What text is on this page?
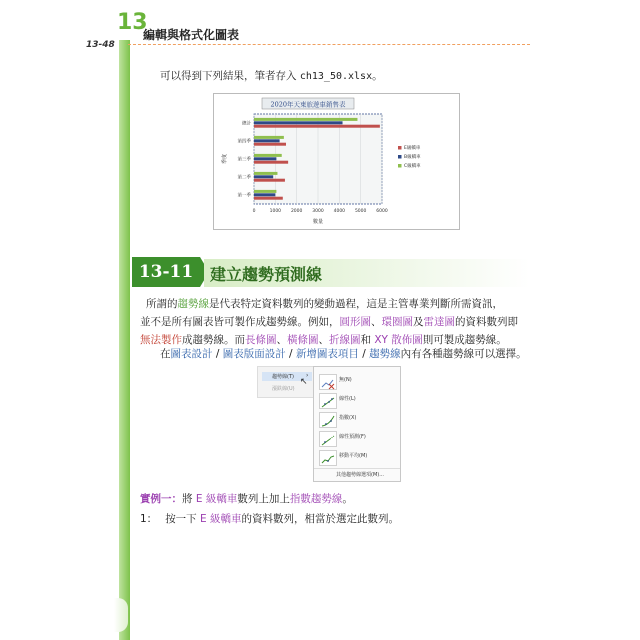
13
編輯與格式化圖表
13-48
可以得到下列結果，筆者存入 ch13_50.xlsx。
0	1000 2000 3000 4000 5000 6000
2020年天東旅遊車銷售表
第一季
第二季
第三季
第四季
總計
數量
季度
E級轎車
B級轎車
C級轎車
13-11	建立趨勢預測線
所謂的趨勢線是代表特定資料數列的變動過程，這是主管專業判斷所需資訊，
並不是所有圖表皆可製作成趨勢線。例如，圓形圖、環圈圖及雷達圖的資料數列即
無法製作成趨勢線。而長條圖、橫條圖、折線圖和 XY 散佈圖則可製成趨勢線。
在圖表設計 / 圖表版面設計 / 新增圖表項目 / 趨勢線內有各種趨勢線可以選擇。
趨勢線(T) ›
漲跌線(U)
↖	無(N)
線性(L)
指數(X)
線性預測(F)
移動平均(M)
其他趨勢線選項(M)...
實例一：將 E 級轎車數列上加上指數趨勢線。
1： 按一下 E 級轎車的資料數列，相當於選定此數列。
